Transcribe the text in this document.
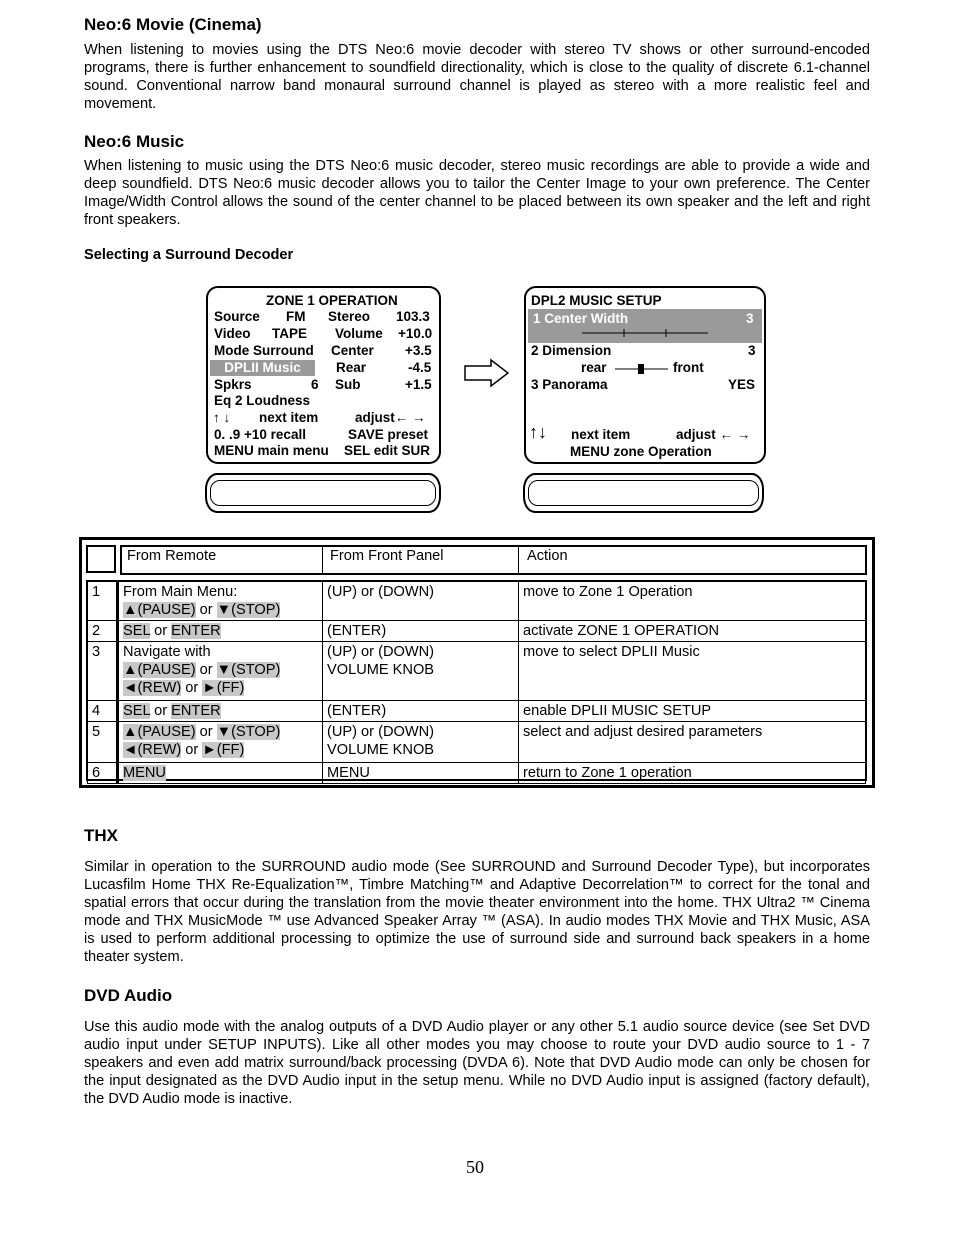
Neo:6 Movie (Cinema)
When listening to movies using the DTS Neo:6 movie decoder with stereo TV shows or other surround-encoded programs, there is further enhancement to soundfield directionality, which is close to the quality of discrete 6.1-channel sound. Conventional narrow band monaural surround channel is played as stereo with a more realistic feel and movement.
Neo:6 Music
When listening to music using the DTS Neo:6 music decoder, stereo music recordings are able to provide a wide and deep soundfield. DTS Neo:6 music decoder allows you to tailor the Center Image to your own preference. The Center Image/Width Control allows the sound of the center channel to be placed between its own speaker and the left and right front speakers.
Selecting a Surround Decoder
ZONE 1 OPERATION
Source FM Stereo 103.3
Video TAPE Volume +10.0
Mode Surround Center +3.5
DPLII Music	Rear	-4.5
Spkrs	6 Sub	+1.5
Eq 2 Loudness
↑ ↓ next item	adjust← →
0. .9 +10 recall	SAVE preset
MENU main menu SEL edit SUR
DPL2 MUSIC SETUP
1 Center Width	3
2 Dimension	3
rear	front
3 Panorama	YES
↑↓ next item	adjust ← →
MENU zone Operation
From Remote	From Front Panel	Action
1	From Main Menu:
▲(PAUSE) or ▼(STOP)	(UP) or (DOWN)	move to Zone 1 Operation
2	SEL or ENTER	(ENTER)	activate ZONE 1 OPERATION
3	Navigate with
▲(PAUSE) or ▼(STOP)
◄(REW) or ►(FF)	(UP) or (DOWN)
VOLUME KNOB	move to select DPLII Music
4	SEL or ENTER	(ENTER)	enable DPLII MUSIC SETUP
5	▲(PAUSE) or ▼(STOP)
◄(REW) or ►(FF)	(UP) or (DOWN)
VOLUME KNOB	select and adjust desired parameters
6	MENU	MENU	return to Zone 1 operation
THX
Similar in operation to the SURROUND audio mode (See SURROUND and Surround Decoder Type), but incorporates Lucasfilm Home THX Re-Equalization™, Timbre Matching™ and Adaptive Decorrelation™ to correct for the tonal and spatial errors that occur during the translation from the movie theater environment into the home. THX Ultra2 ™ Cinema mode and THX MusicMode ™ use Advanced Speaker Array ™ (ASA). In audio modes THX Movie and THX Music, ASA is used to perform additional processing to optimize the use of surround side and surround back speakers in a home theater system.
DVD Audio
Use this audio mode with the analog outputs of a DVD Audio player or any other 5.1 audio source device (see Set DVD audio input under SETUP INPUTS). Like all other modes you may choose to route your DVD audio source to 1 - 7 speakers and even add matrix surround/back processing (DVDA 6). Note that DVD Audio mode can only be chosen for the input designated as the DVD Audio input in the setup menu. While no DVD Audio input is assigned (factory default), the DVD Audio mode is inactive.
50
